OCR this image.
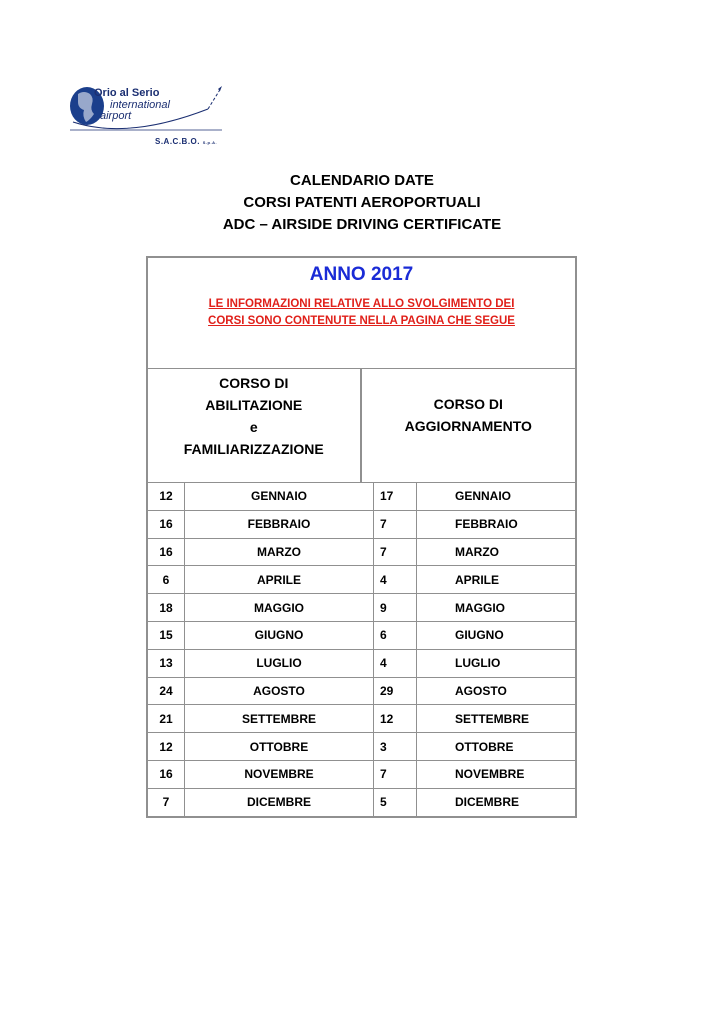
Orio al Serio
international
airport
S.A.C.B.O. S.p.A.
CALENDARIO DATE
CORSI PATENTI AEROPORTUALI
ADC – AIRSIDE DRIVING CERTIFICATE
ANNO 2017
LE INFORMAZIONI RELATIVE ALLO SVOLGIMENTO DEI
CORSI SONO CONTENUTE NELLA PAGINA CHE SEGUE
CORSO DI
ABILITAZIONE
e
FAMILIARIZZAZIONE
CORSO DI
AGGIORNAMENTO
12	GENNAIO	17	GENNAIO
16	FEBBRAIO	7	FEBBRAIO
16	MARZO	7	MARZO
6	APRILE	4	APRILE
18	MAGGIO	9	MAGGIO
15	GIUGNO	6	GIUGNO
13	LUGLIO	4	LUGLIO
24	AGOSTO	29	AGOSTO
21	SETTEMBRE	12	SETTEMBRE
12	OTTOBRE	3	OTTOBRE
16	NOVEMBRE	7	NOVEMBRE
7	DICEMBRE	5	DICEMBRE
